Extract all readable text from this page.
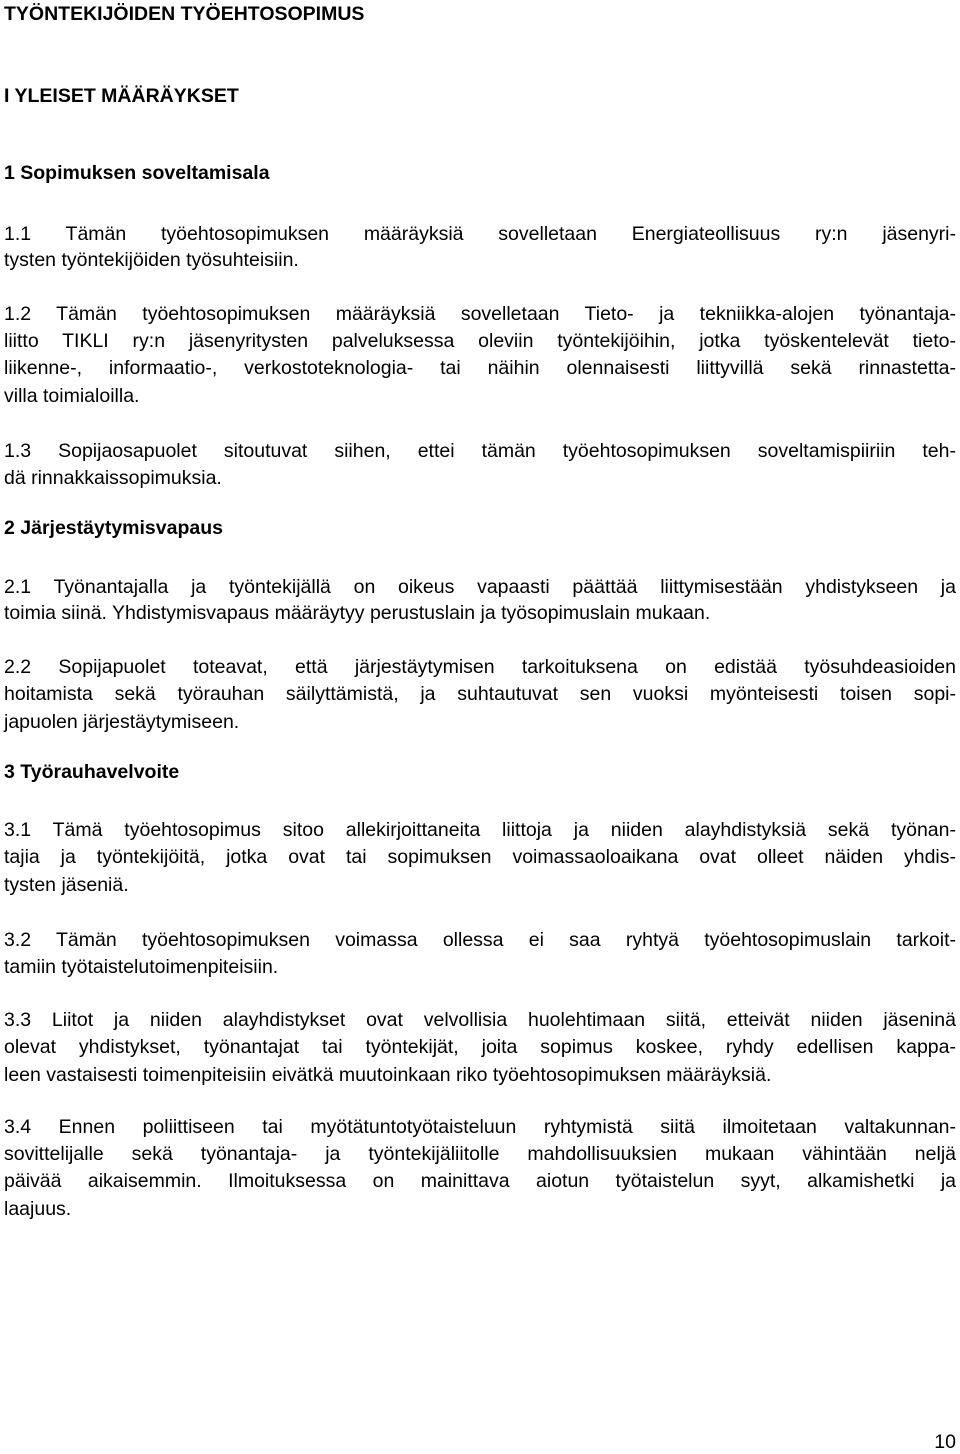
TYÖNTEKIJÖIDEN TYÖEHTOSOPIMUS
I YLEISET MÄÄRÄYKSET
1 Sopimuksen soveltamisala
1.1 Tämän työehtosopimuksen määräyksiä sovelletaan Energiateollisuus ry:n jäsenyri-
tysten työntekijöiden työsuhteisiin.
1.2 Tämän työehtosopimuksen määräyksiä sovelletaan Tieto- ja tekniikka-alojen työnantaja-
liitto TIKLI ry:n jäsenyritysten palveluksessa oleviin työntekijöihin, jotka työskentelevät tieto-
liikenne-, informaatio-, verkostoteknologia- tai näihin olennaisesti liittyvillä sekä rinnastetta-
villa toimialoilla.
1.3 Sopijaosapuolet sitoutuvat siihen, ettei tämän työehtosopimuksen soveltamispiiriin teh-
dä rinnakkaissopimuksia.
2 Järjestäytymisvapaus
2.1 Työnantajalla ja työntekijällä on oikeus vapaasti päättää liittymisestään yhdistykseen ja
toimia siinä. Yhdistymisvapaus määräytyy perustuslain ja työsopimuslain mukaan.
2.2 Sopijapuolet toteavat, että järjestäytymisen tarkoituksena on edistää työsuhdeasioiden
hoitamista sekä työrauhan säilyttämistä, ja suhtautuvat sen vuoksi myönteisesti toisen sopi-
japuolen järjestäytymiseen.
3 Työrauhavelvoite
3.1 Tämä työehtosopimus sitoo allekirjoittaneita liittoja ja niiden alayhdistyksiä sekä työnan-
tajia ja työntekijöitä, jotka ovat tai sopimuksen voimassaoloaikana ovat olleet näiden yhdis-
tysten jäseniä.
3.2 Tämän työehtosopimuksen voimassa ollessa ei saa ryhtyä työehtosopimuslain tarkoit-
tamiin työtaistelutoimenpiteisiin.
3.3 Liitot ja niiden alayhdistykset ovat velvollisia huolehtimaan siitä, etteivät niiden jäseninä
olevat yhdistykset, työnantajat tai työntekijät, joita sopimus koskee, ryhdy edellisen kappa-
leen vastaisesti toimenpiteisiin eivätkä muutoinkaan riko työehtosopimuksen määräyksiä.
3.4 Ennen poliittiseen tai myötätuntotyötaisteluun ryhtymistä siitä ilmoitetaan valtakunnan-
sovittelijalle sekä työnantaja- ja työntekijäliitolle mahdollisuuksien mukaan vähintään neljä
päivää aikaisemmin. Ilmoituksessa on mainittava aiotun työtaistelun syyt, alkamishetki ja
laajuus.
10
